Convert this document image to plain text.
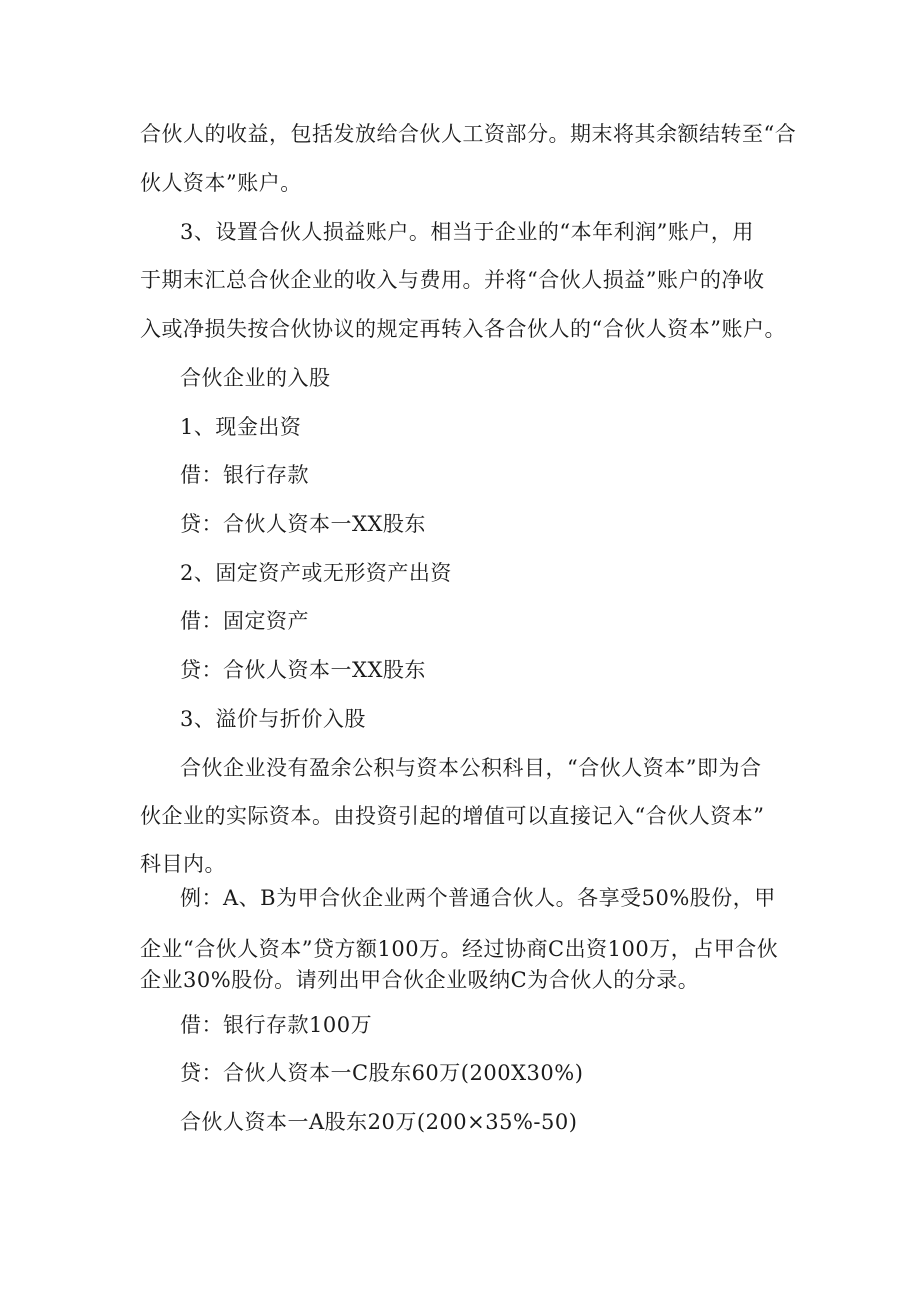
合伙人的收益，包括发放给合伙人工资部分。期末将其余额结转至“合
伙人资本”账户。
3、设置合伙人损益账户。相当于企业的“本年利润”账户，用
于期末汇总合伙企业的收入与费用。并将“合伙人损益”账户的净收
入或净损失按合伙协议的规定再转入各合伙人的“合伙人资本”账户。
合伙企业的入股
1、现金出资
借：银行存款
贷：合伙人资本一XX股东
2、固定资产或无形资产出资
借：固定资产
贷：合伙人资本一XX股东
3、溢价与折价入股
合伙企业没有盈余公积与资本公积科目，“合伙人资本”即为合
伙企业的实际资本。由投资引起的增值可以直接记入“合伙人资本”
科目内。
例：A、B为甲合伙企业两个普通合伙人。各享受50%股份，甲
企业“合伙人资本”贷方额100万。经过协商C出资100万，占甲合伙
企业30%股份。请列出甲合伙企业吸纳C为合伙人的分录。
借：银行存款100万
贷：合伙人资本一C股东60万(200X30%)
合伙人资本一A股东20万(200×35%-50)
